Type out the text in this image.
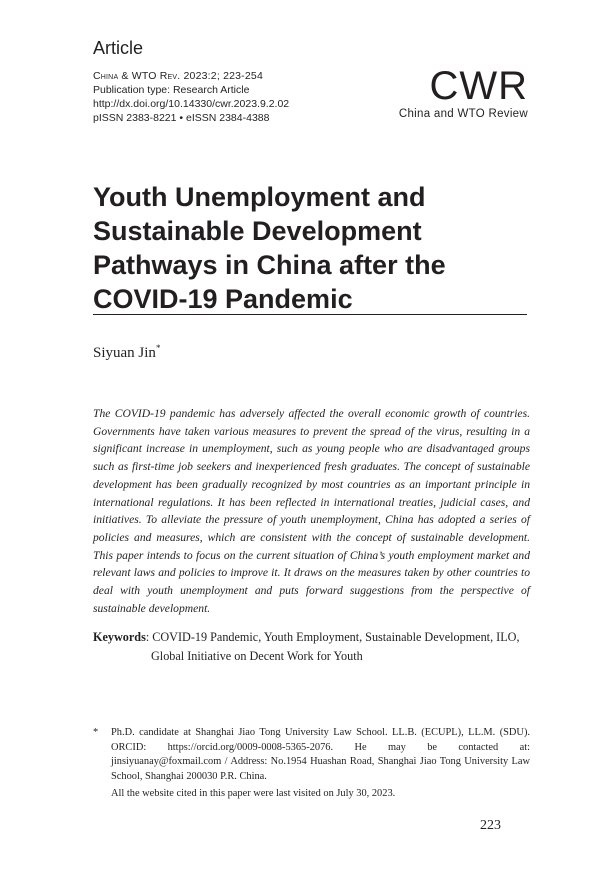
Article
China & WTO Rev. 2023:2; 223-254
Publication type: Research Article
http://dx.doi.org/10.14330/cwr.2023.9.2.02
pISSN 2383-8221 • eISSN 2384-4388
CWR
China and WTO Review
Youth Unemployment and Sustainable Development Pathways in China after the COVID-19 Pandemic
Siyuan Jin*

The COVID-19 pandemic has adversely affected the overall economic growth of countries. Governments have taken various measures to prevent the spread of the virus, resulting in a significant increase in unemployment, such as young people who are disadvantaged groups such as first-time job seekers and inexperienced fresh graduates. The concept of sustainable development has been gradually recognized by most countries as an important principle in international regulations. It has been reflected in international treaties, judicial cases, and initiatives. To alleviate the pressure of youth unemployment, China has adopted a series of policies and measures, which are consistent with the concept of sustainable development. This paper intends to focus on the current situation of China’s youth employment market and relevant laws and policies to improve it. It draws on the measures taken by other countries to deal with youth unemployment and puts forward suggestions from the perspective of sustainable development.

Keywords: COVID-19 Pandemic, Youth Employment, Sustainable Development, ILO,
Global Initiative on Decent Work for Youth
* Ph.D. candidate at Shanghai Jiao Tong University Law School. LL.B. (ECUPL), LL.M. (SDU). ORCID: https://orcid.org/0009-0008-5365-2076. He may be contacted at: jinsiyuanay@foxmail.com / Address: No.1954 Huashan Road, Shanghai Jiao Tong University Law School, Shanghai 200030 P.R. China.
All the website cited in this paper were last visited on July 30, 2023.
223
